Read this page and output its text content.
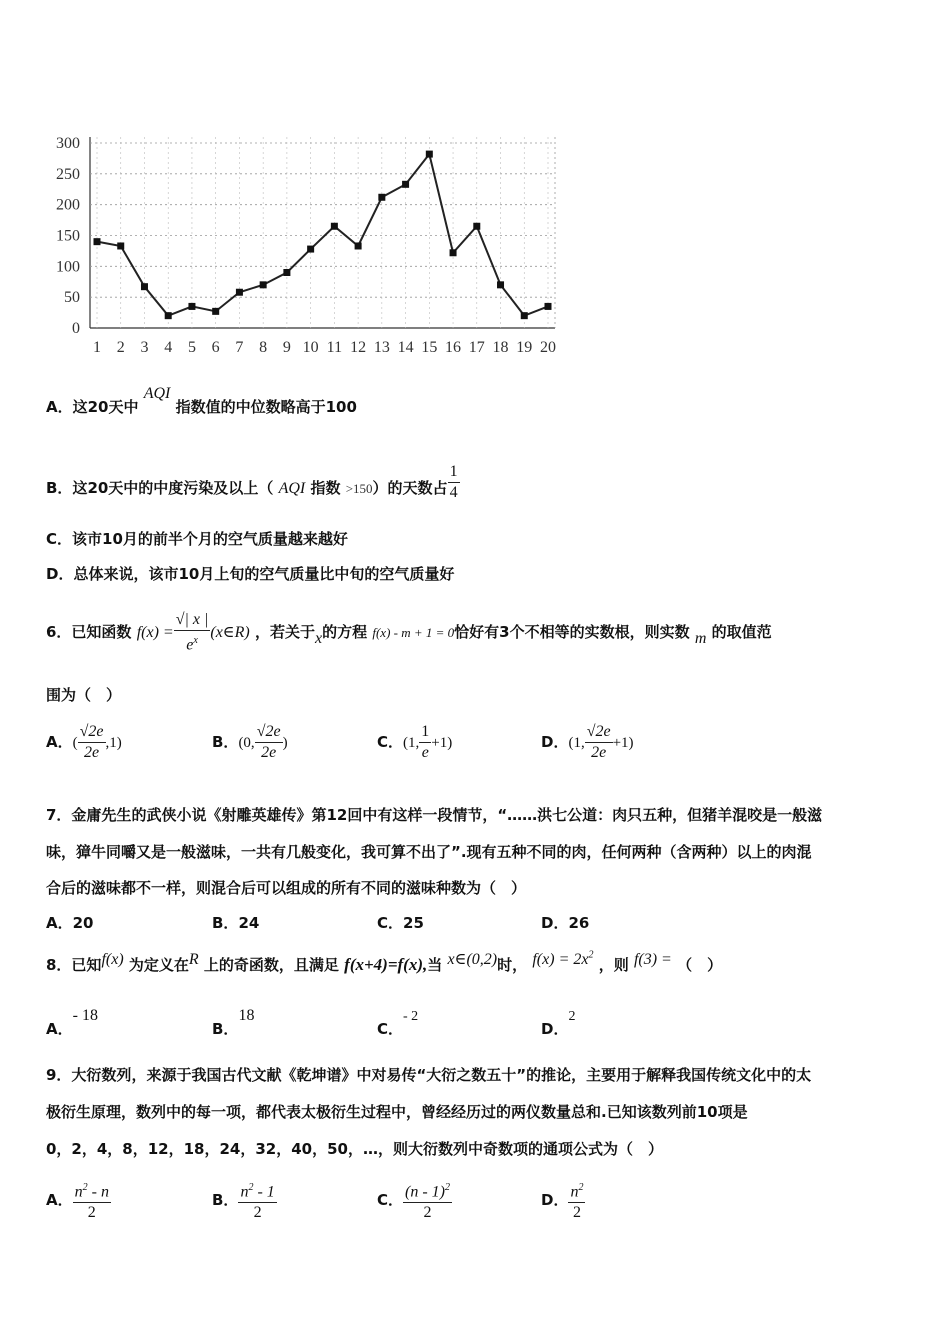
300
250
200
150
100
50
0
1 2 3 4 5 6 7 8 9 10 11 12 13 14 15 16 17 18 19 20
A．这20天中 AQI 指数值的中位数略高于100
B．这20天中的中度污染及以上（ AQI 指数 >150）的天数占 $\frac{1}{4}$
C．该市10月的前半个月的空气质量越来越好
D．总体来说，该市10月上旬的空气质量比中旬的空气质量好
6．已知函数 $f(x) = \frac{√| x |}{e^x}$ (x∈R) ，若关于x的方程 f(x) - m + 1 = 0恰好有3个不相等的实数根，则实数 m 的取值范
围为（　）
A．( $\frac{√2e}{2e} ,1$)	B．(0, $\frac{√2e}{2e}$ )	C．(1, $\frac{1}{e} +1$)	D．(1, $\frac{√2e}{2e} +1$)
7．金庸先生的武侠小说《射雕英雄传》第12回中有这样一段情节，“……洪七公道：肉只五种，但猪羊混咬是一般滋
味，獐牛同嚼又是一般滋味，一共有几般变化，我可算不出了”.现有五种不同的肉，任何两种（含两种）以上的肉混
合后的滋味都不一样，则混合后可以组成的所有不同的滋味种数为（　）
A．20	B．24	C．25	D．26
8．已知f(x) 为定义在R 上的奇函数，且满足 f(x+4)=f(x),当 x∈(0,2)时， $f(x) = 2x^2$ ，则 f(3) = （　）
A．- 18
B．18
C．- 2
D．2
9．大衍数列，来源于我国古代文献《乾坤谱》中对易传“大衍之数五十”的推论，主要用于解释我国传统文化中的太
极衍生原理，数列中的每一项，都代表太极衍生过程中，曾经经历过的两仪数量总和.已知该数列前10项是
0，2，4，8，12，18，24，32，40，50，…，则大衍数列中奇数项的通项公式为（　）
A． $\frac{n^2 - n}{2}$	B． $\frac{n^2 - 1}{2}$	C． $\frac{(n - 1)^2}{2}$	D． $\frac{n^2}{2}$
